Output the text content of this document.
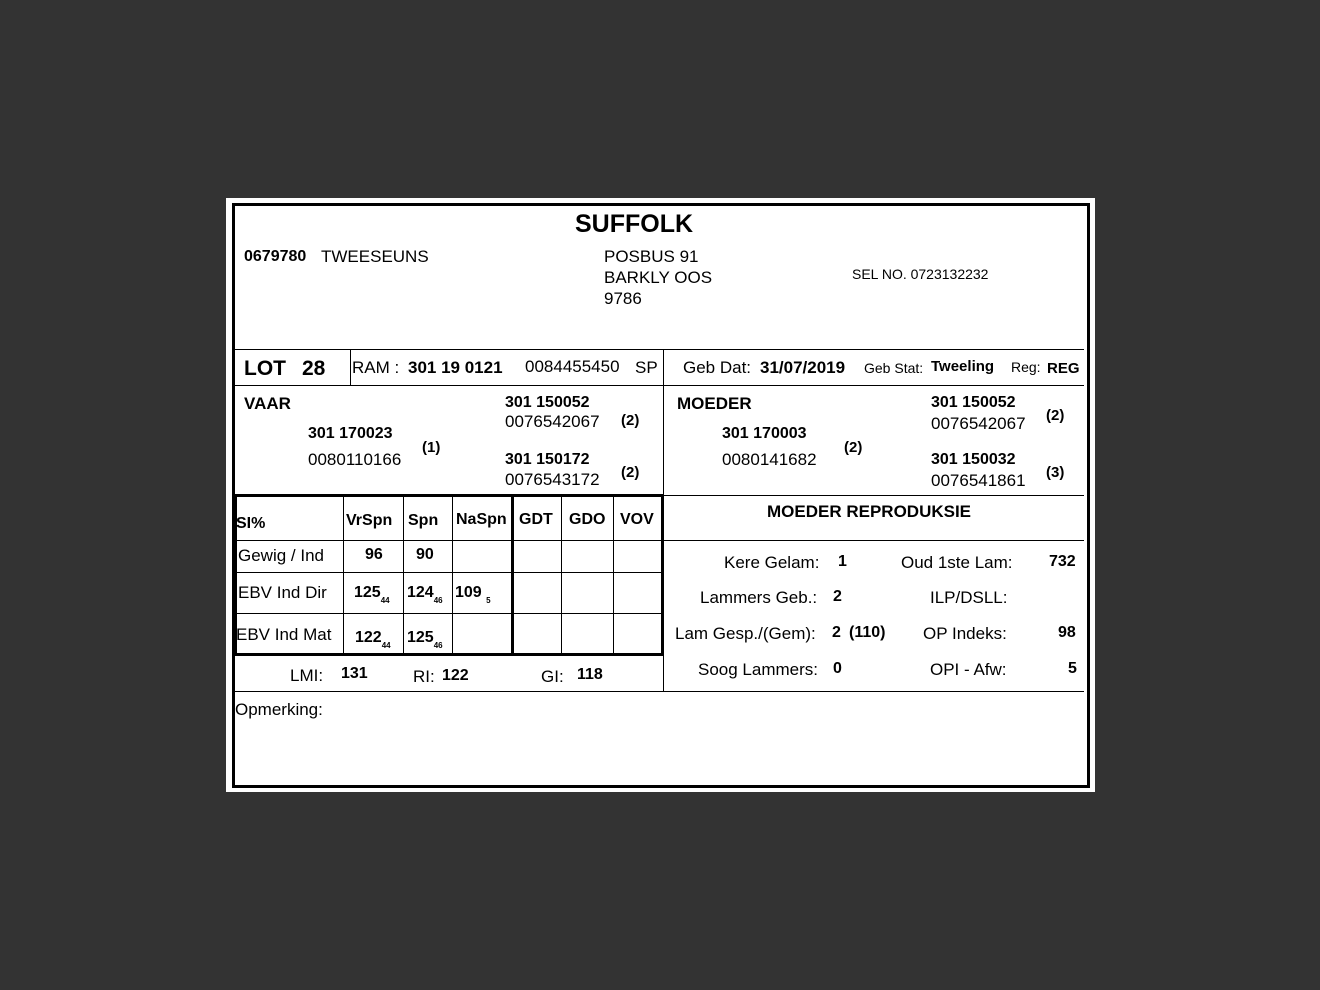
SUFFOLK
0679780 TWEESEUNS	POSBUS 91
BARKLY OOS
9786
SEL NO. 0723132232
LOT 28 RAM : 301 19 0121 0084455450 SP Geb Dat: 31/07/2019 Geb Stat: Tweeling Reg: REG
VAAR
301 170023
0080110166
(1)
301 150052
0076542067 (2)
301 150172
0076543172 (2)
MOEDER
301 170003
0080141682
(2)
301 150052
0076542067 (2)
301 150032
0076541861 (3)
SI%	VrSpn Spn NaSpn GDT GDO VOV
Gewig / Ind	96 90
EBV Ind Dir $125_{44}$ $124_{46}$ 109 $_5$
EBV Ind Mat $122_{44}$ $125_{46}$
LMI: 131	RI: 122	GI: 118
MOEDER REPRODUKSIE
Kere Gelam: 1	Oud 1ste Lam: 732
Lammers Geb.: 2	ILP/DSLL:
Lam Gesp./(Gem): 2 (110) OP Indeks:	98
Soog Lammers: 0	OPI - Afw:	5
Opmerking:
